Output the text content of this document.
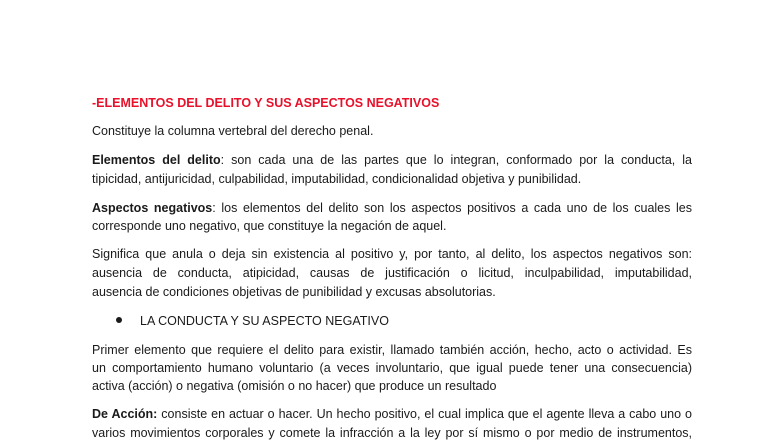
-ELEMENTOS DEL DELITO Y SUS ASPECTOS NEGATIVOS
Constituye la columna vertebral del derecho penal.
Elementos del delito: son cada una de las partes que lo integran, conformado por la conducta, la
tipicidad, antijuricidad, culpabilidad, imputabilidad, condicionalidad objetiva y punibilidad.
Aspectos negativos: los elementos del delito son los aspectos positivos a cada uno de los cuales les
corresponde uno negativo, que constituye la negación de aquel.
Significa que anula o deja sin existencia al positivo y, por tanto, al delito, los aspectos negativos son:
ausencia de conducta, atipicidad, causas de justificación o licitud, inculpabilidad, imputabilidad,
ausencia de condiciones objetivas de punibilidad y excusas absolutorias.
LA CONDUCTA Y SU ASPECTO NEGATIVO
Primer elemento que requiere el delito para existir, llamado también acción, hecho, acto o actividad. Es
un comportamiento humano voluntario (a veces involuntario, que igual puede tener una consecuencia)
activa (acción) o negativa (omisión o no hacer) que produce un resultado
De Acción: consiste en actuar o hacer. Un hecho positivo, el cual implica que el agente lleva a cabo uno o
varios movimientos corporales y comete la infracción a la ley por sí mismo o por medio de instrumentos,
